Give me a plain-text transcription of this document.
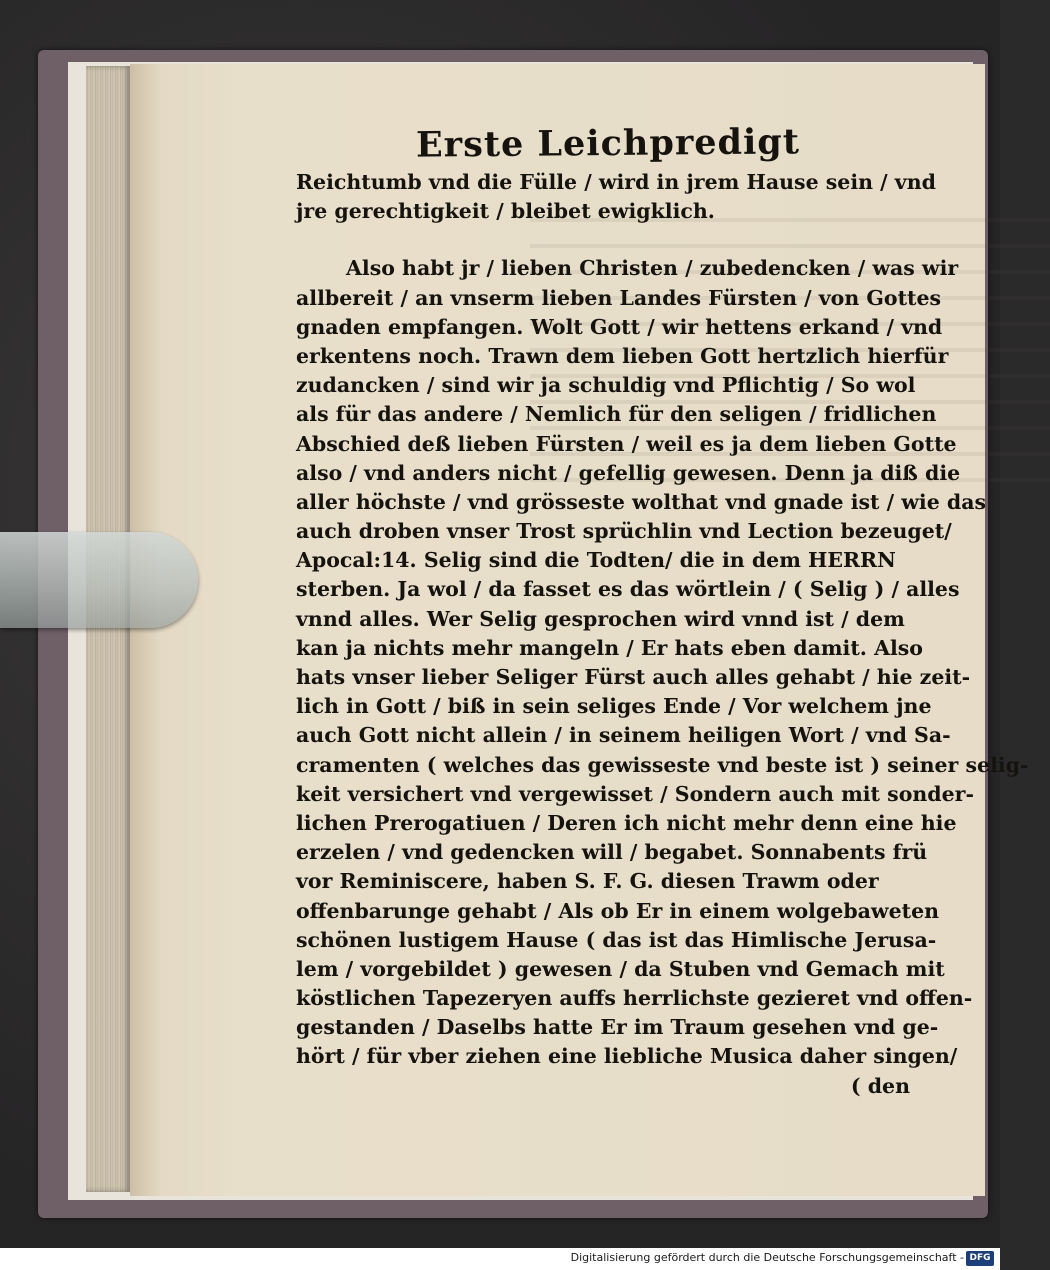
Erste Leichpredigt
Reichtumb vnd die Fülle / wird in jrem Hause sein / vnd
jre gerechtigkeit / bleibet ewigklich.
Also habt jr / lieben Christen / zubedencken / was wir
allbereit / an vnserm lieben Landes Fürsten / von Gottes
gnaden empfangen. Wolt Gott / wir hettens erkand / vnd
erkentens noch. Trawn dem lieben Gott hertzlich hierfür
zudancken / sind wir ja schuldig vnd Pflichtig / So wol
als für das andere / Nemlich für den seligen / fridlichen
Abschied deß lieben Fürsten / weil es ja dem lieben Gotte
also / vnd anders nicht / gefellig gewesen. Denn ja diß die
aller höchste / vnd grösseste wolthat vnd gnade ist / wie das
auch droben vnser Trost sprüchlin vnd Lection bezeuget/
Apocal:14. Selig sind die Todten/ die in dem HERRN
sterben. Ja wol / da fasset es das wörtlein / ( Selig ) / alles
vnnd alles. Wer Selig gesprochen wird vnnd ist / dem
kan ja nichts mehr mangeln / Er hats eben damit. Also
hats vnser lieber Seliger Fürst auch alles gehabt / hie zeit-
lich in Gott / biß in sein seliges Ende / Vor welchem jne
auch Gott nicht allein / in seinem heiligen Wort / vnd Sa-
cramenten ( welches das gewisseste vnd beste ist ) seiner selig-
keit versichert vnd vergewisset / Sondern auch mit sonder-
lichen Prerogatiuen / Deren ich nicht mehr denn eine hie
erzelen / vnd gedencken will / begabet. Sonnabents frü
vor Reminiscere, haben S. F. G. diesen Trawm oder
offenbarunge gehabt / Als ob Er in einem wolgebaweten
schönen lustigem Hause ( das ist das Himlische Jerusa-
lem / vorgebildet ) gewesen / da Stuben vnd Gemach mit
köstlichen Tapezeryen auffs herrlichste gezieret vnd offen-
gestanden / Daselbs hatte Er im Traum gesehen vnd ge-
hört / für vber ziehen eine liebliche Musica daher singen/
( den
Digitalisierung gefördert durch die Deutsche Forschungsgemeinschaft - DFG
